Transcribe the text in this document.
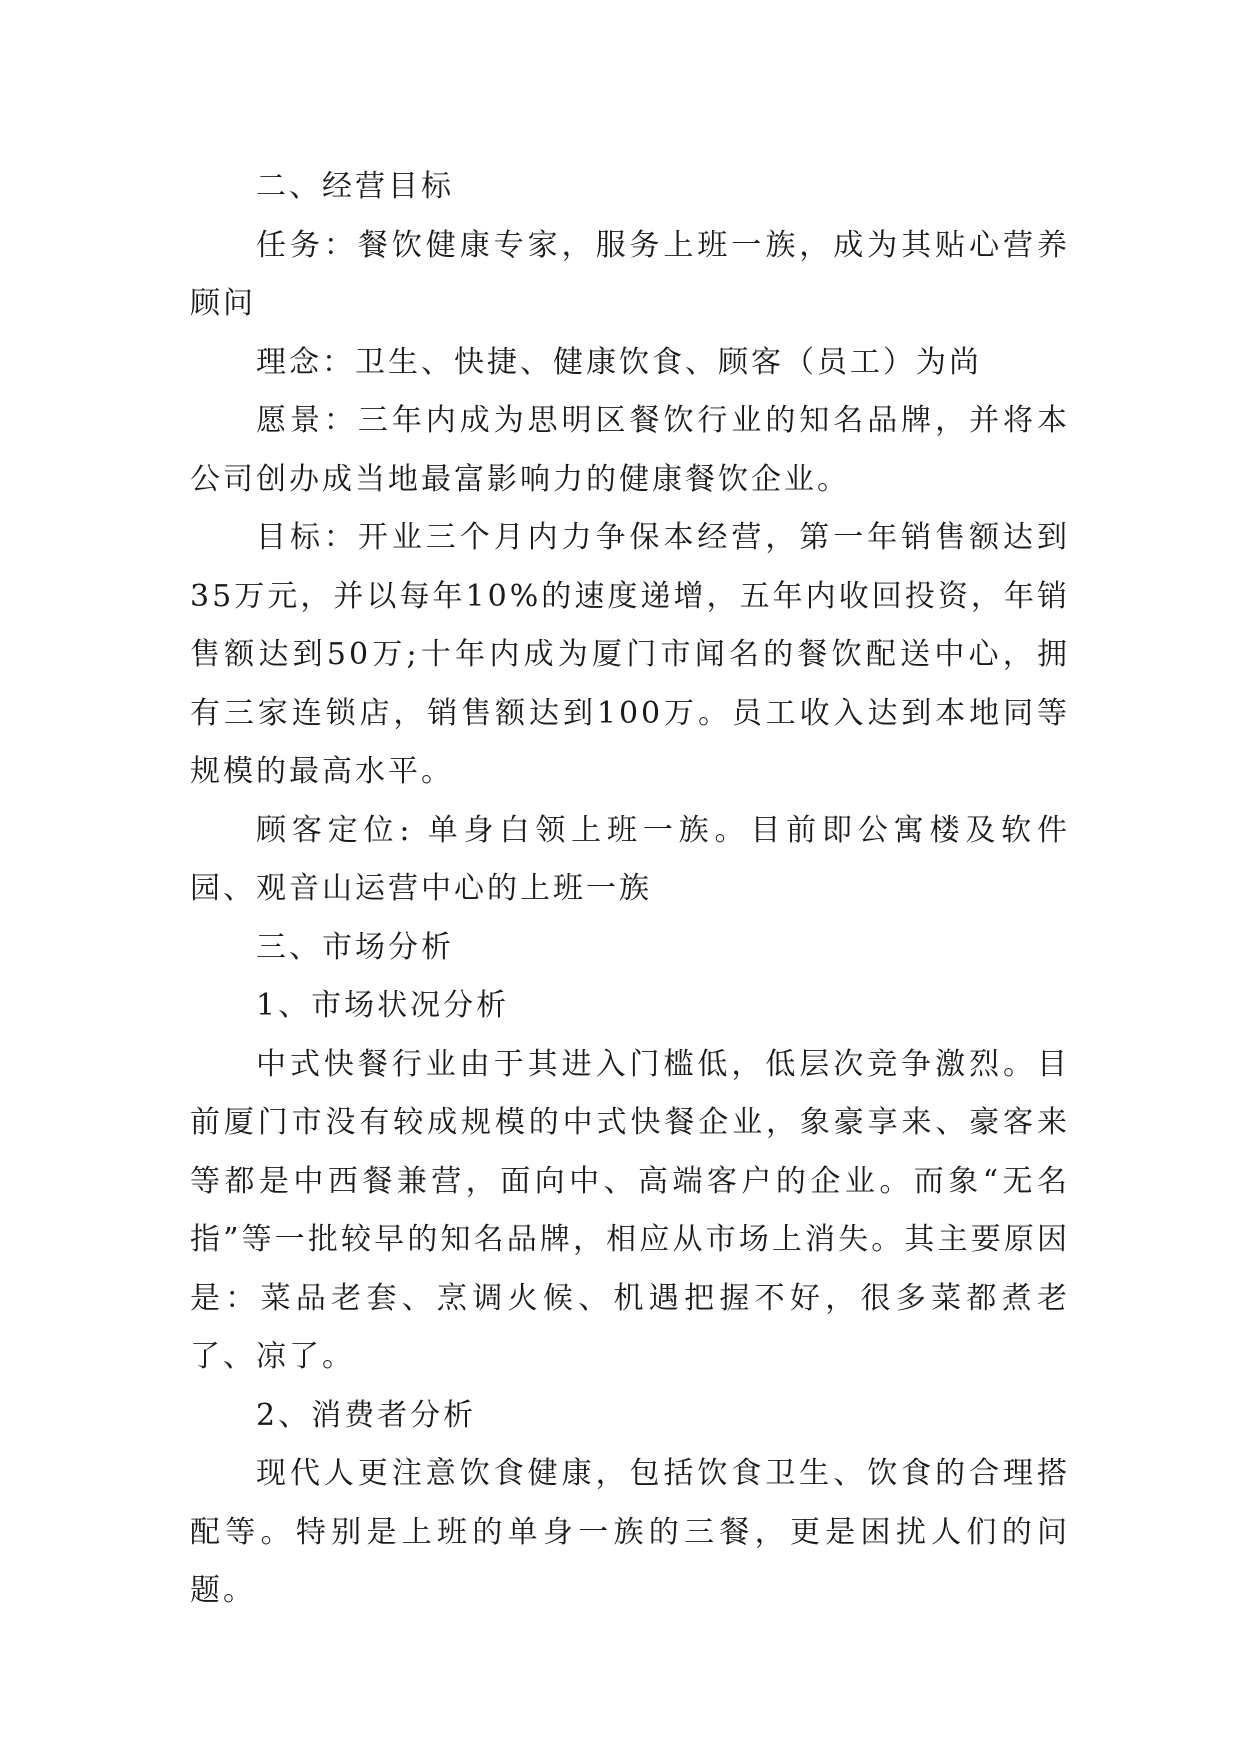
二、经营目标

任务：餐饮健康专家，服务上班一族，成为其贴心营养顾问

理念：卫生、快捷、健康饮食、顾客（员工）为尚

愿景：三年内成为思明区餐饮行业的知名品牌，并将本公司创办成当地最富影响力的健康餐饮企业。

目标：开业三个月内力争保本经营，第一年销售额达到35万元，并以每年10%的速度递增，五年内收回投资，年销售额达到50万;十年内成为厦门市闻名的餐饮配送中心，拥有三家连锁店，销售额达到100万。员工收入达到本地同等规模的最高水平。

顾客定位: 单身白领上班一族。目前即公寓楼及软件园、观音山运营中心的上班一族

三、市场分析

1、市场状况分析

中式快餐行业由于其进入门槛低，低层次竞争激烈。目前厦门市没有较成规模的中式快餐企业，象豪享来、豪客来等都是中西餐兼营，面向中、高端客户的企业。而象“无名指”等一批较早的知名品牌，相应从市场上消失。其主要原因是：菜品老套、烹调火候、机遇把握不好，很多菜都煮老了、凉了。

2、消费者分析

现代人更注意饮食健康，包括饮食卫生、饮食的合理搭配等。特别是上班的单身一族的三餐，更是困扰人们的问题。
